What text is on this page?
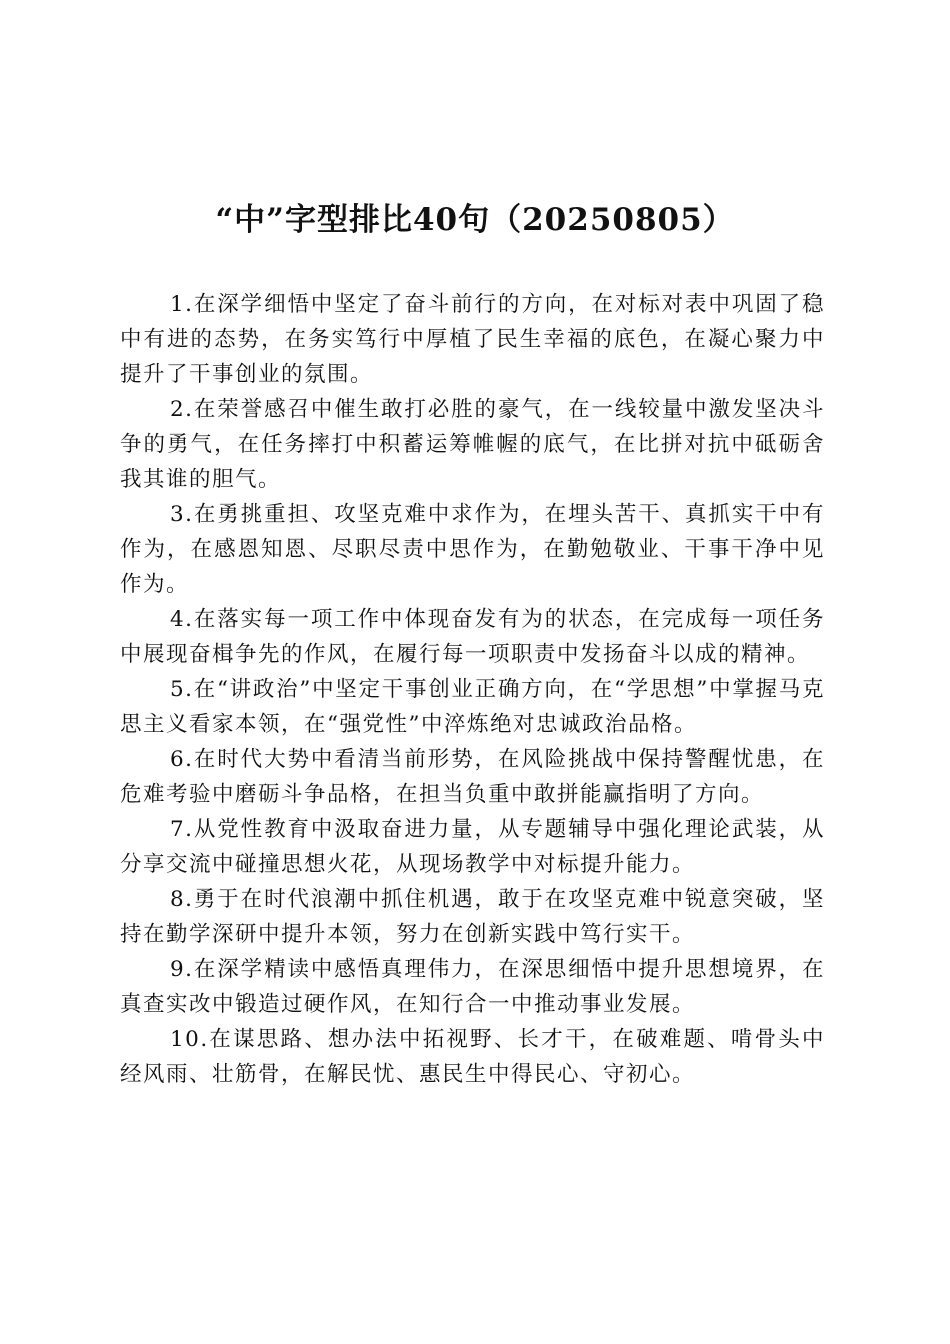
“中”字型排比40句（20250805）

1.在深学细悟中坚定了奋斗前行的方向，在对标对表中巩固了稳中有进的态势，在务实笃行中厚植了民生幸福的底色，在凝心聚力中提升了干事创业的氛围。

2.在荣誉感召中催生敢打必胜的豪气，在一线较量中激发坚决斗争的勇气，在任务摔打中积蓄运筹帷幄的底气，在比拼对抗中砥砺舍我其谁的胆气。

3.在勇挑重担、攻坚克难中求作为，在埋头苦干、真抓实干中有作为，在感恩知恩、尽职尽责中思作为，在勤勉敬业、干事干净中见作为。

4.在落实每一项工作中体现奋发有为的状态，在完成每一项任务中展现奋楫争先的作风，在履行每一项职责中发扬奋斗以成的精神。

5.在“讲政治”中坚定干事创业正确方向，在“学思想”中掌握马克思主义看家本领，在“强党性”中淬炼绝对忠诚政治品格。

6.在时代大势中看清当前形势，在风险挑战中保持警醒忧患，在危难考验中磨砺斗争品格，在担当负重中敢拼能赢指明了方向。

7.从党性教育中汲取奋进力量，从专题辅导中强化理论武装，从分享交流中碰撞思想火花，从现场教学中对标提升能力。

8.勇于在时代浪潮中抓住机遇，敢于在攻坚克难中锐意突破，坚持在勤学深研中提升本领，努力在创新实践中笃行实干。

9.在深学精读中感悟真理伟力，在深思细悟中提升思想境界，在真查实改中锻造过硬作风，在知行合一中推动事业发展。

10.在谋思路、想办法中拓视野、长才干，在破难题、啃骨头中经风雨、壮筋骨，在解民忧、惠民生中得民心、守初心。
